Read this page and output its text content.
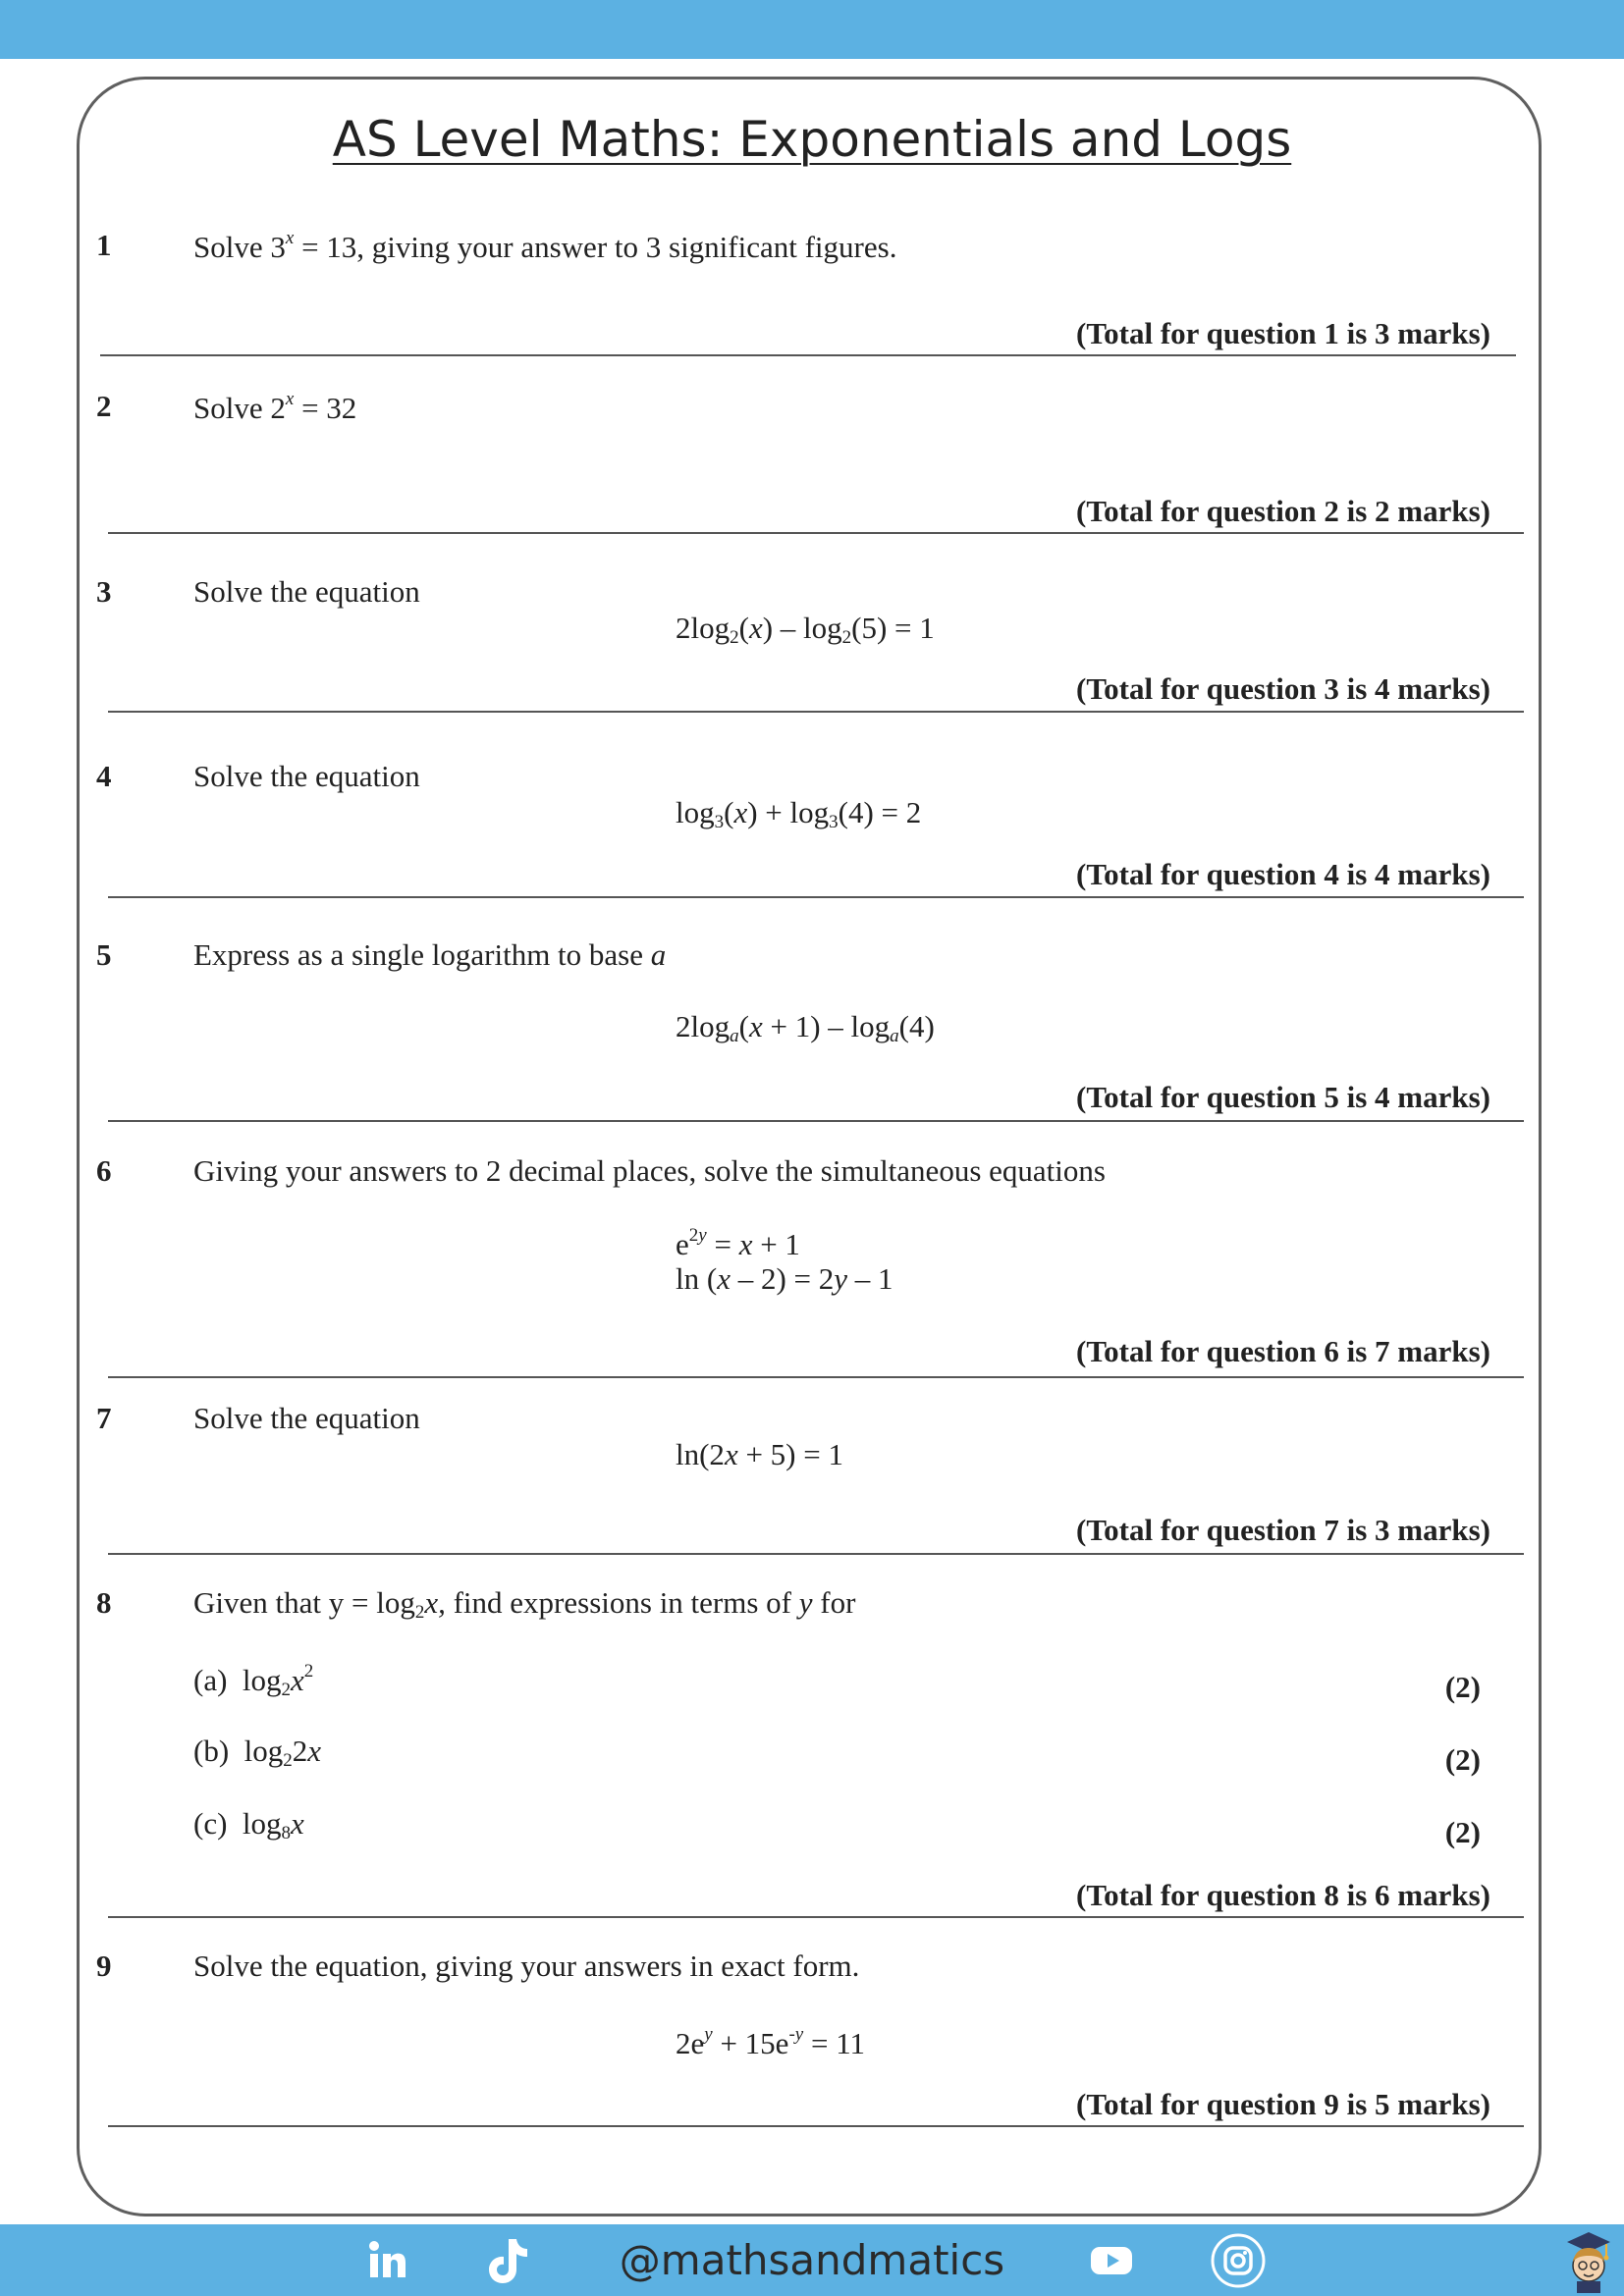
AS Level Maths: Exponentials and Logs
1	Solve $3^x = 13$, giving your answer to 3 significant figures.
(Total for question 1 is 3 marks)
2	Solve $2^x = 32$
(Total for question 2 is 2 marks)
3	Solve the equation
$2\log_2(x) - \log_2(5) = 1$
(Total for question 3 is 4 marks)
4	Solve the equation
$\log_3(x) + \log_3(4) = 2$
(Total for question 4 is 4 marks)
5	Express as a single logarithm to base a
$2\log_a(x + 1) - \log_a(4)$
(Total for question 5 is 4 marks)
6	Giving your answers to 2 decimal places, solve the simultaneous equations
$e^{2y} = x + 1$
ln (x – 2) = 2y – 1
(Total for question 6 is 7 marks)
7	Solve the equation
ln(2x + 5) = 1
(Total for question 7 is 3 marks)
8	Given that $y = \log_2x$, find expressions in terms of y for
(a)  $\log_2x^2$	(2)
(b)  $\log_22x$	(2)
(c)  $\log_8x$	(2)
(Total for question 8 is 6 marks)
9	Solve the equation, giving your answers in exact form.
$2e^y + 15e^{-y} = 11$
(Total for question 9 is 5 marks)
@mathsandmatics
